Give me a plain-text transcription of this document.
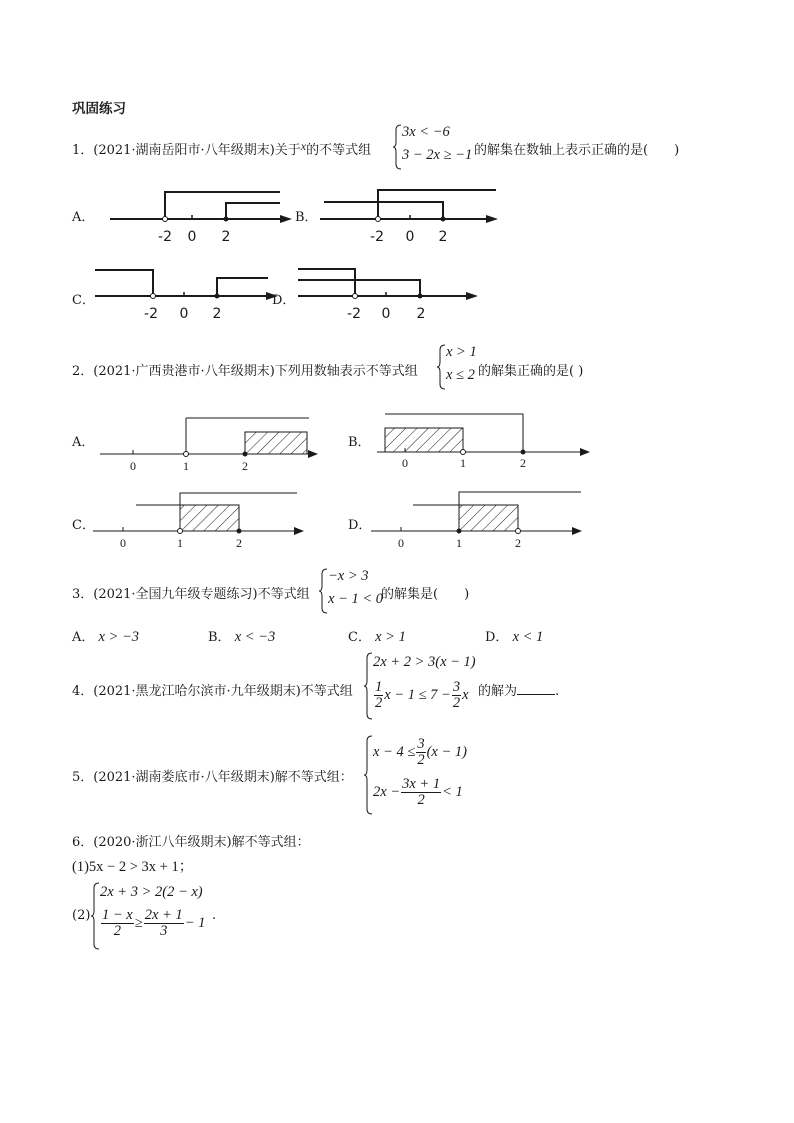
巩固练习
1．(2021·湖南岳阳市·八年级期末)关于x的不等式组
3x < −6
3 − 2x ≥ −1 的解集在数轴上表示正确的是(　　)
A．
-2 0 2
B．
-2 0 2
C．
-2 0 2
D．
-2 0 2
2．(2021·广西贵港市·八年级期末)下列用数轴表示不等式组
x > 1
x ≤ 2 的解集正确的是( )
A．
0	1	2
B．
0	1	2
C．
0	1	2
D．
0	1	2
3．(2021·全国九年级专题练习)不等式组
−x > 3
x − 1 < 0
的解集是(　　)
A． x > −3	B． x < −3	C． x > 1	D． x < 1
4．(2021·黑龙江哈尔滨市·九年级期末)不等式组
2x + 2 > 3(x − 1)
$\frac{1}{2}$ $x - 1 \le 7 - \frac{3}{2}$ x 的解为	.
5．(2021·湖南娄底市·八年级期末)解不等式组：
$x - 4 \le \frac{3}{2} (x - 1)$
$2x - \frac{3x + 1}{2} < 1$
6．(2020·浙江八年级期末)解不等式组：
(1)5x − 2 > 3x + 1；
(2)
2x + 3 > 2(2 − x)
$\frac{1 - x}{2} \ge \frac{2x + 1}{3} - 1$ .
